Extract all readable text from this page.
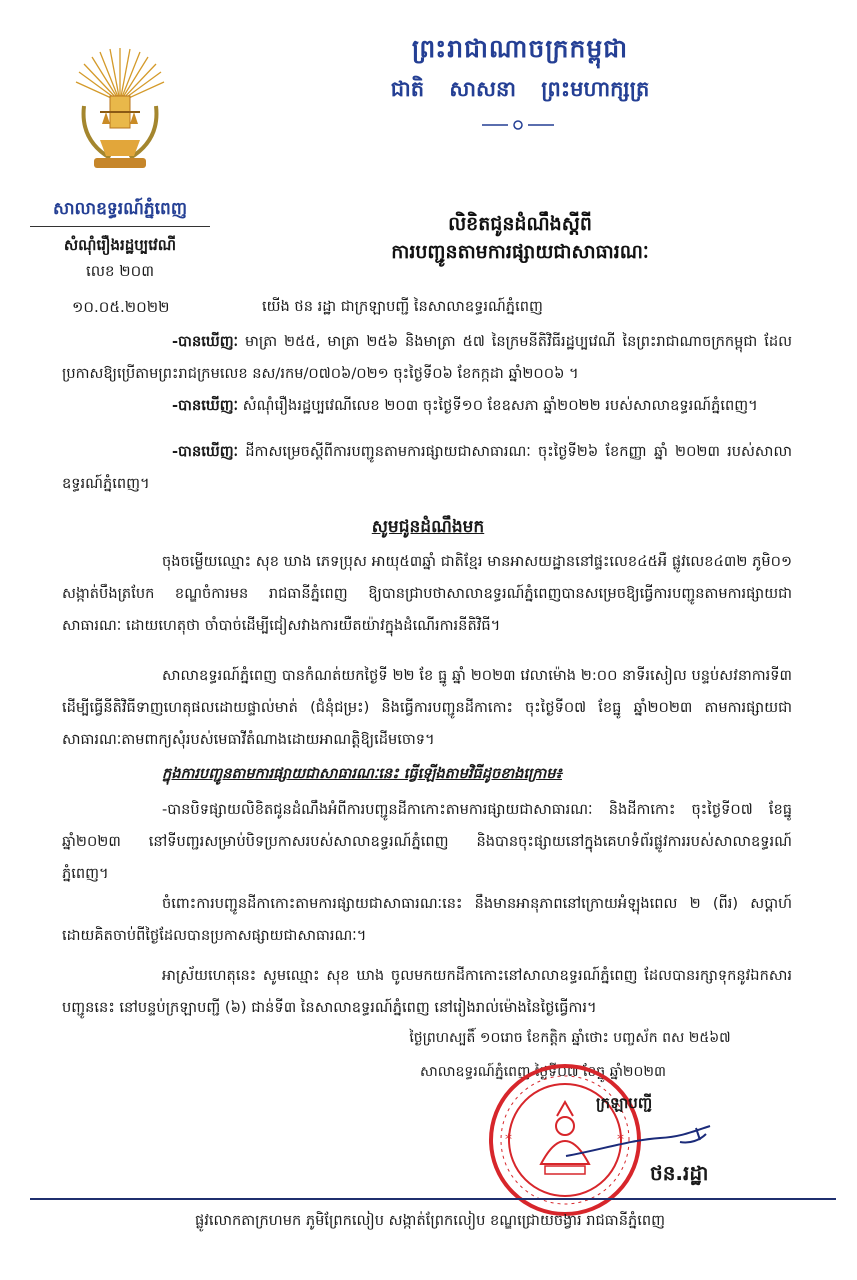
ព្រះរាជាណាចក្រកម្ពុជា
ជាតិ សាសនា ព្រះមហាក្សត្រ
សាលាឧទ្ធរណ៍ភ្នំពេញ
សំណុំរឿងរដ្ឋប្បវេណី
លេខ ២០៣
១០.០៥.២០២២
លិខិតជូនដំណឹងស្តីពី
ការបញ្ជូនតាមការផ្សាយជាសាធារណៈ
យើង ថន រដ្ឋា ជាក្រឡាបញ្ជី នៃសាលាឧទ្ធរណ៍ភ្នំពេញ

-បានឃើញៈ មាត្រា ២៥៥, មាត្រា ២៥៦ និងមាត្រា ៥៧ នៃក្រមនីតិវិធីរដ្ឋប្បវេណី នៃព្រះរាជាណាចក្រកម្ពុជា ដែលប្រកាសឱ្យប្រើតាមព្រះរាជក្រមលេខ នស/រកម/០៧០៦/០២១ ចុះថ្ងៃទី០៦ ខែកក្កដា ឆ្នាំ២០០៦ ។

-បានឃើញៈ សំណុំរឿងរដ្ឋប្បវេណីលេខ ២០៣ ចុះថ្ងៃទី១០ ខែឧសភា ឆ្នាំ២០២២ របស់សាលាឧទ្ធរណ៍ភ្នំពេញ។

-បានឃើញៈ ដីកាសម្រេចស្តីពីការបញ្ជូនតាមការផ្សាយជាសាធារណៈ ចុះថ្ងៃទី២៦ ខែកញ្ញា ឆ្នាំ ២០២៣ របស់សាលាឧទ្ធរណ៍ភ្នំពេញ។

សូមជូនដំណឹងមក

ចុងចម្លើយឈ្មោះ សុខ ឃាង ភេទប្រុស អាយុ៥៣ឆ្នាំ ជាតិខ្មែរ មានអាសយដ្ឋាននៅផ្ទះលេខ៤៥អឺ ផ្លូវលេខ៤៣២ ភូមិ០១ សង្កាត់បឹងត្របែក ខណ្ឌចំការមន រាជធានីភ្នំពេញ ឱ្យបានជ្រាបថាសាលាឧទ្ធរណ៍ភ្នំពេញបានសម្រេចឱ្យធ្វើការបញ្ជូនតាមការផ្សាយជាសាធារណៈ ដោយហេតុថា ចាំបាច់ដើម្បីជៀសវាងការយឺតយ៉ាវក្នុងដំណើរការនីតិវិធី។

សាលាឧទ្ធរណ៍ភ្នំពេញ បានកំណត់យកថ្ងៃទី ២២ ខែ ធ្នូ ឆ្នាំ ២០២៣ វេលាម៉ោង ២:០០ នាទីរសៀល បន្ទប់សវនាការទី៣ ដើម្បីធ្វើនីតិវិធីទាញហេតុផលដោយផ្ទាល់មាត់ (ជំនុំជម្រះ) និងធ្វើការបញ្ជូនដីកាកោះ ចុះថ្ងៃទី០៧ ខែធ្នូ ឆ្នាំ២០២៣ តាមការផ្សាយជាសាធារណៈតាមពាក្យសុំរបស់មេធាវីតំណាងដោយអាណត្តិឱ្យដើមចោទ។

ក្នុងការបញ្ជូនតាមការផ្សាយជាសាធារណៈនេះ ធ្វើឡើងតាមវិធីដូចខាងក្រោម៖

-បានបិទផ្សាយលិខិតជូនដំណឹងអំពីការបញ្ជូនដីកាកោះតាមការផ្សាយជាសាធារណៈ និងដីកាកោះ ចុះថ្ងៃទី០៧ ខែធ្នូ ឆ្នាំ២០២៣ នៅទីបញ្ជរសម្រាប់បិទប្រកាសរបស់សាលាឧទ្ធរណ៍ភ្នំពេញ និងបានចុះផ្សាយនៅក្នុងគេហទំព័រផ្លូវការរបស់សាលាឧទ្ធរណ៍ភ្នំពេញ។

ចំពោះការបញ្ជូនដីកាកោះតាមការផ្សាយជាសាធារណៈនេះ នឹងមានអានុភាពនៅក្រោយអំឡុងពេល ២ (ពីរ) សប្តាហ៍ ដោយគិតចាប់ពីថ្ងៃដែលបានប្រកាសផ្សាយជាសាធារណៈ។

អាស្រ័យហេតុនេះ សូមឈ្មោះ សុខ ឃាង ចូលមកយកដីកាកោះនៅសាលាឧទ្ធរណ៍ភ្នំពេញ ដែលបានរក្សាទុកនូវឯកសារបញ្ជូននេះ នៅបន្ទប់ក្រឡាបញ្ជី (៦) ជាន់ទី៣ នៃសាលាឧទ្ធរណ៍ភ្នំពេញ នៅរៀងរាល់ម៉ោងនៃថ្ងៃធ្វើការ។

ថ្ងៃព្រហស្បតិ៍ ១០រោច ខែកត្ដិក ឆ្នាំថោះ បញ្ចស័ក ពស ២៥៦៧
សាលាឧទ្ធរណ៍ភ្នំពេញ ថ្ងៃទី០៧ ខែធ្នូ ឆ្នាំ២០២៣
*	*
ក្រឡាបញ្ជី
ថន.រដ្ឋា
ផ្លូវលោកតាក្រហមក ភូមិព្រែកលៀប សង្កាត់ព្រែកលៀប ខណ្ឌជ្រោយចង្វារ រាជធានីភ្នំពេញ
